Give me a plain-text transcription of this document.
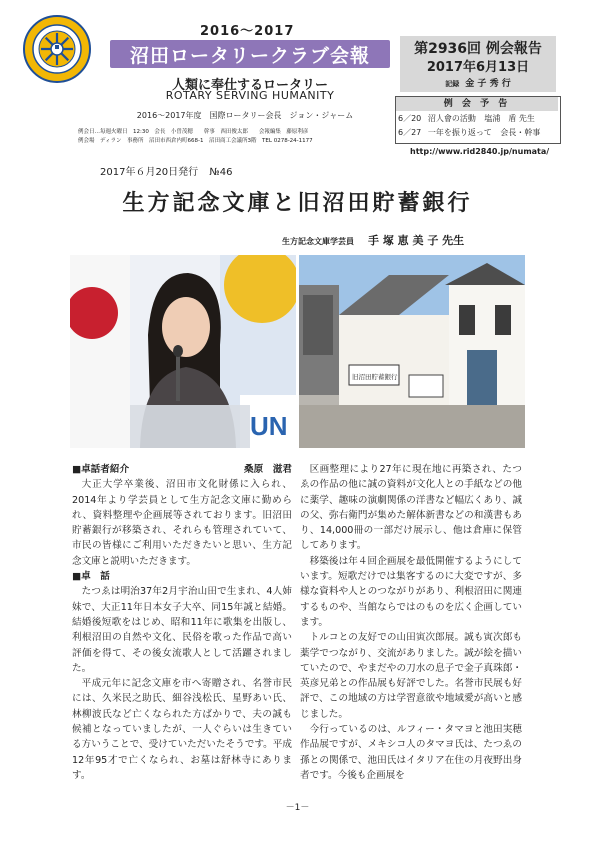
2016～2017
沼田ロータリークラブ会報
人類に奉仕するロータリー
ROTARY SERVING HUMANITY
2016～2017年度　国際ロータリー会長　ジョン・ジャーム
例会日…毎週火曜日　12:30　会長　小曽茂穂　　幹事　西田俊太郎　　会報編集　藤原利彦
例会場　ディラン　事務所　沼田市西倉内町668-1　沼田商工会議所3階　TEL 0278-24-1177
第2936回 例会報告
2017年6月13日
記録 金 子 秀 行
例 会 予 告
6／20 沼人會の活動 塩浦　盾 先生
6／27 一年を振り返って 会長・幹事
http://www.rid2840.jp/numata/
2017年６月20日発行 №46
生方記念文庫と旧沼田貯蓄銀行
生方記念文庫学芸員 手 塚 恵 美 子 先生
UN
旧沼田貯蓄銀行
■卓話者紹介	桑原　滋君

大正大学卒業後、沼田市文化財係に入られ、2014年より学芸員として生方記念文庫に勤められ、資料整理や企画展等されております。旧沼田貯蓄銀行が移築され、それらも管理されていて、市民の皆様にご利用いただきたいと思い、生方記念文庫と説明いただきます。

■卓　話

たつゑは明治37年2月宇治山田で生まれ、4人姉妹で、大正11年日本女子大卒、同15年誠と結婚。結婚後短歌をはじめ、昭和11年に歌集を出版し、利根沼田の自然や文化、民俗を歌った作品で高い評価を得て、その後女流歌人として活躍されました。

平成元年に記念文庫を市へ寄贈され、名誉市民には、久米民之助氏、細谷浅松氏、星野あい氏、林柳波氏など亡くなられた方ばかりで、夫の誠も候補となっていましたが、一人ぐらいは生きている方いうことで、受けていただいたそうです。平成12年95才で亡くなられ、お墓は舒林寺にあります。

区画整理により27年に現在地に再築され、たつゑの作品の他に誠の資料が文化人との手紙などの他に薬学、趣味の演劇関係の洋書など幅広くあり、誠の父、弥右衛門が集めた解体新書などの和漢書もあり、14,000冊の一部だけ展示し、他は倉庫に保管してあります。

移築後は年４回企画展を最低開催するようにしています。短歌だけでは集客するのに大変ですが、多様な資料や人とのつながりがあり、利根沼田に関連するものや、当館ならではのものを広く企画しています。

トルコとの友好での山田寅次郎展。誠も寅次郎も薬学でつながり、交流がありました。誠が絵を描いていたので、やまだやの刀水の息子で金子真珠郎・英彦兄弟との作品展も好評でした。名誉市民展も好評で、この地域の方は学習意欲や地域愛が高いと感じました。

今行っているのは、ルフィー・タマヨと池田実穂作品展ですが、メキシコ人のタマヨ氏は、たつゑの孫との関係で、池田氏はイタリア在住の月夜野出身者です。今後も企画展を

－1－
